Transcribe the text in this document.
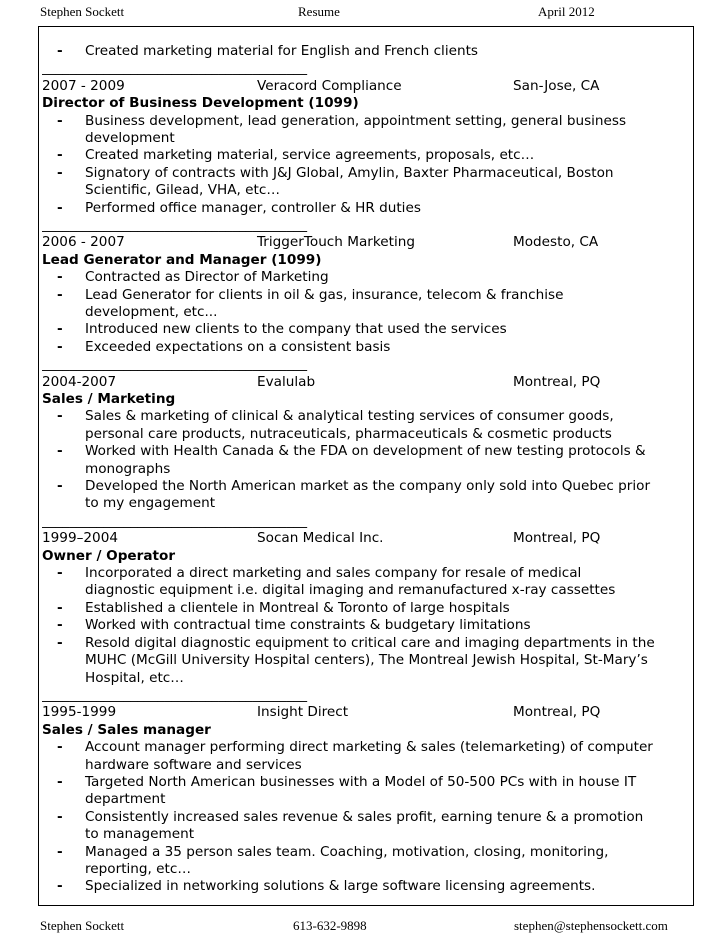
Stephen Sockett	Resume	April 2012
- Created marketing material for English and French clients
_______________________________________
2007 - 2009	Veracord Compliance	San-Jose, CA
Director of Business Development (1099)
- Business development, lead generation, appointment setting, general business
development
- Created marketing material, service agreements, proposals, etc…
- Signatory of contracts with J&J Global, Amylin, Baxter Pharmaceutical, Boston
Scientific, Gilead, VHA, etc…
- Performed office manager, controller & HR duties
_______________________________________
2006 - 2007	TriggerTouch Marketing	Modesto, CA
Lead Generator and Manager (1099)
- Contracted as Director of Marketing
- Lead Generator for clients in oil & gas, insurance, telecom & franchise
development, etc...
- Introduced new clients to the company that used the services
- Exceeded expectations on a consistent basis
_______________________________________
2004-2007	Evalulab	Montreal, PQ
Sales / Marketing
- Sales & marketing of clinical & analytical testing services of consumer goods,
personal care products, nutraceuticals, pharmaceuticals & cosmetic products
- Worked with Health Canada & the FDA on development of new testing protocols &
monographs
- Developed the North American market as the company only sold into Quebec prior
to my engagement
_______________________________________
1999–2004	Socan Medical Inc.	Montreal, PQ
Owner / Operator
- Incorporated a direct marketing and sales company for resale of medical
diagnostic equipment i.e. digital imaging and remanufactured x-ray cassettes
- Established a clientele in Montreal & Toronto of large hospitals
- Worked with contractual time constraints & budgetary limitations
- Resold digital diagnostic equipment to critical care and imaging departments in the
MUHC (McGill University Hospital centers), The Montreal Jewish Hospital, St-Mary’s
Hospital, etc…
_______________________________________
1995-1999	Insight Direct	Montreal, PQ
Sales / Sales manager
- Account manager performing direct marketing & sales (telemarketing) of computer
hardware software and services
- Targeted North American businesses with a Model of 50-500 PCs with in house IT
department
- Consistently increased sales revenue & sales profit, earning tenure & a promotion
to management
- Managed a 35 person sales team. Coaching, motivation, closing, monitoring,
reporting, etc…
- Specialized in networking solutions & large software licensing agreements.
Stephen Sockett	613-632-9898	stephen@stephensockett.com
